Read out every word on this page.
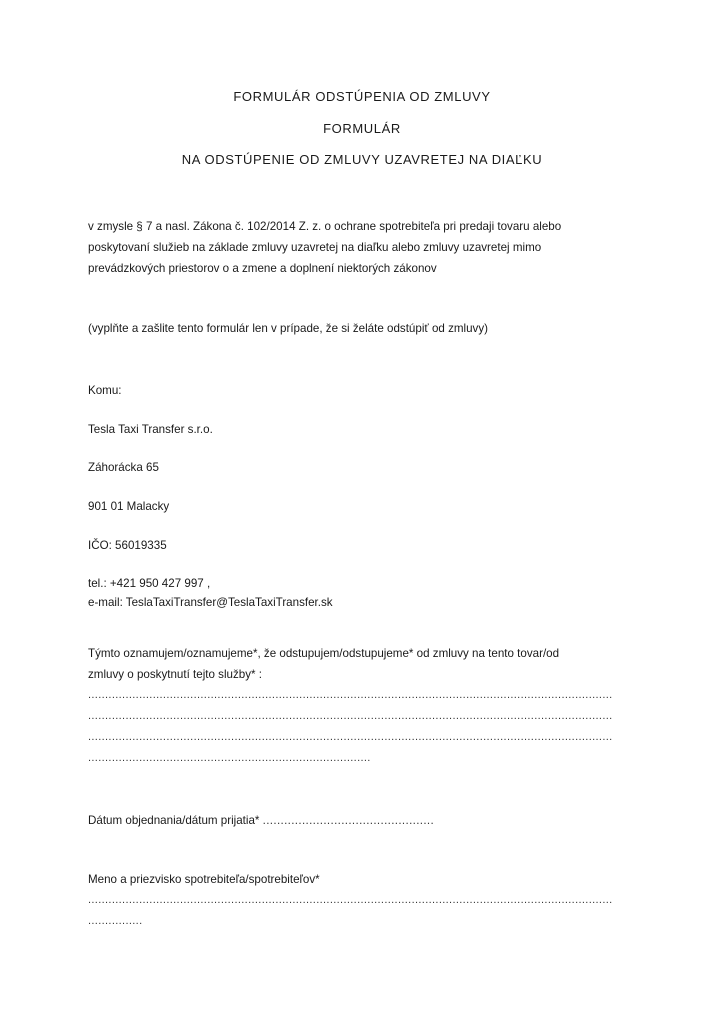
FORMULÁR ODSTÚPENIA OD ZMLUVY
FORMULÁR
NA ODSTÚPENIE OD ZMLUVY UZAVRETEJ NA DIAĽKU
v zmysle § 7 a nasl. Zákona č. 102/2014 Z. z. o ochrane spotrebiteľa pri predaji tovaru alebo
poskytovaní služieb na základe zmluvy uzavretej na diaľku alebo zmluvy uzavretej mimo
prevádzkových priestorov o a zmene a doplnení niektorých zákonov
(vyplňte a zašlite tento formulár len v prípade, že si želáte odstúpiť od zmluvy)
Komu:
Tesla Taxi Transfer s.r.o.
Záhorácka 65
901 01 Malacky
IČO: 56019335
tel.: +421 950 427 997 ,
e-mail: TeslaTaxiTransfer@TeslaTaxiTransfer.sk
Týmto oznamujem/oznamujeme*, že odstupujem/odstupujeme* od zmluvy na tento tovar/od
zmluvy o poskytnutí tejto služby* :
..........................................................................................................................................................
..........................................................................................................................................................
..........................................................................................................................................................
...................................................................................
Dátum objednania/dátum prijatia* ................................................
Meno a priezvisko spotrebiteľa/spotrebiteľov*
..........................................................................................................................................................
................
